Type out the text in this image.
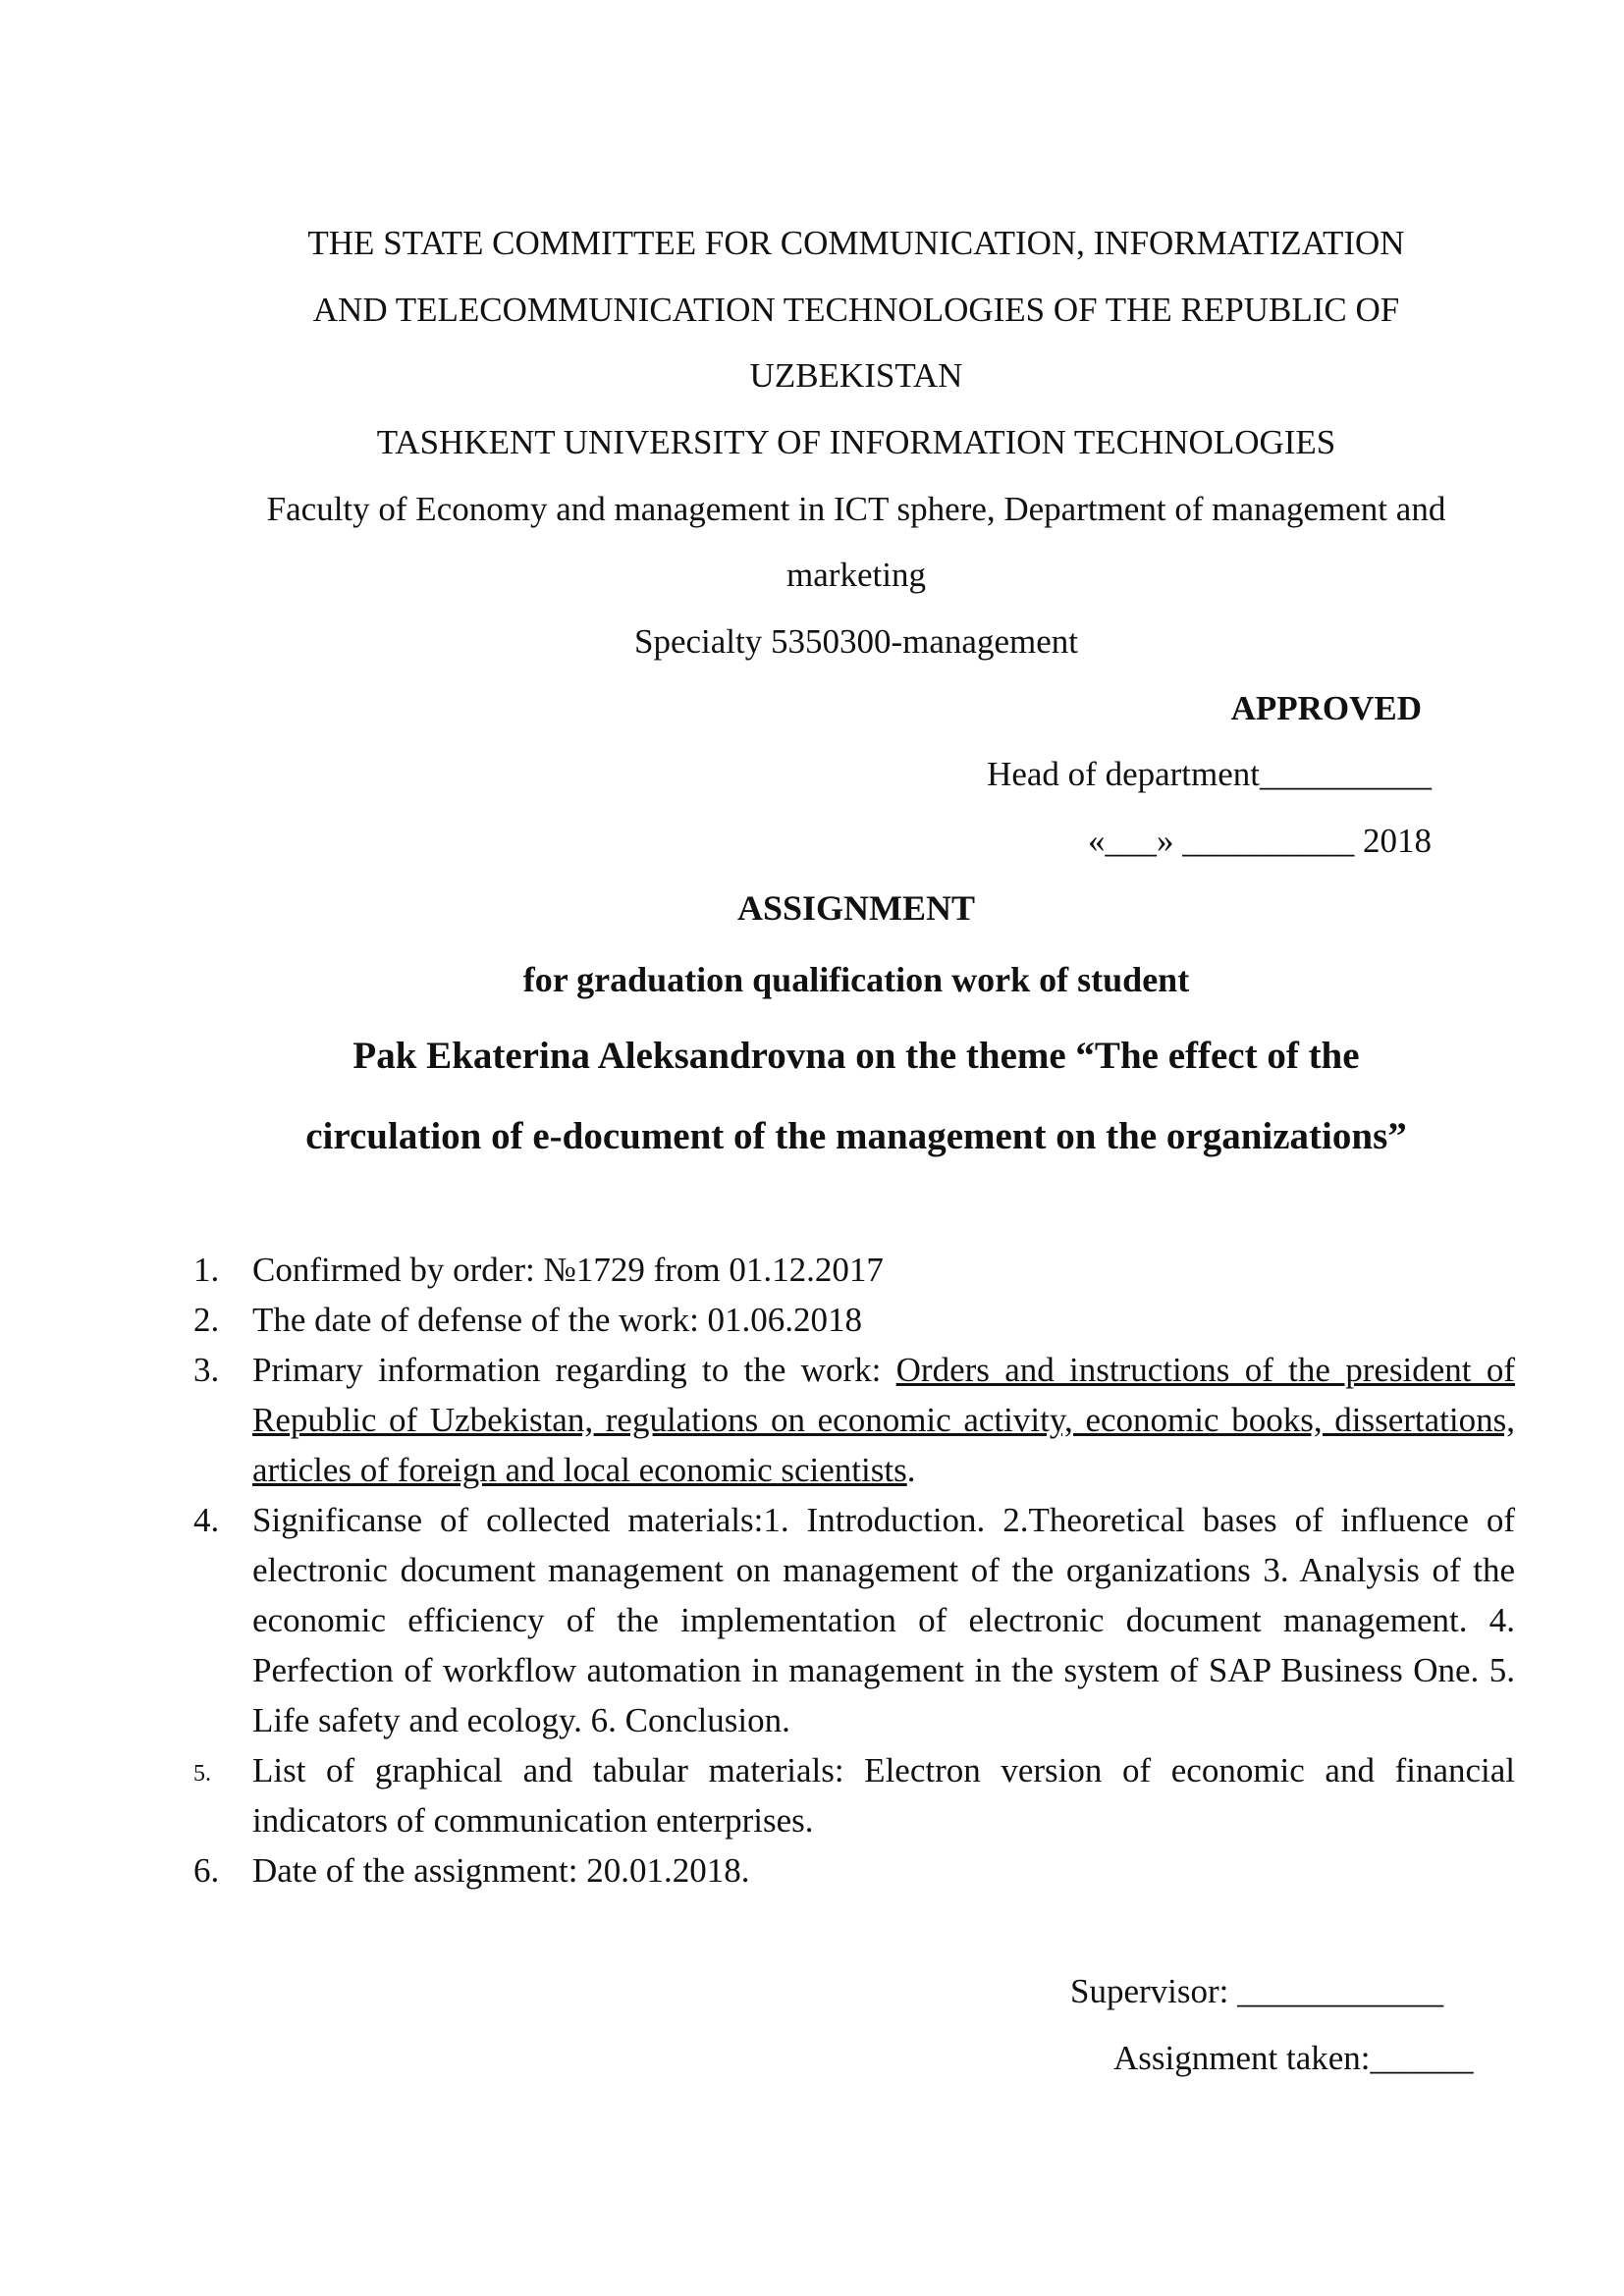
THE STATE COMMITTEE FOR COMMUNICATION, INFORMATIZATION
AND TELECOMMUNICATION TECHNOLOGIES OF THE REPUBLIC OF
UZBEKISTAN
TASHKENT UNIVERSITY OF INFORMATION TECHNOLOGIES
Faculty of Economy and management in ICT sphere, Department of management and
marketing
Specialty 5350300-management
APPROVED
Head of department__________
«___» __________ 2018
ASSIGNMENT
for graduation qualification work of student
Pak Ekaterina Aleksandrovna on the theme “The effect of the
circulation of e-document of the management on the organizations”
1. Confirmed by order: №1729 from 01.12.2017
2. The date of defense of the work: 01.06.2018
3. Primary information regarding to the work: Orders and instructions of the president of Republic of Uzbekistan, regulations on economic activity, economic books, dissertations, articles of foreign and local economic scientists.
4. Significanse of collected materials:1. Introduction. 2.Theoretical bases of influence of electronic document management on management of the organizations 3. Analysis of the economic efficiency of the implementation of electronic document management. 4. Perfection of workflow automation in management in the system of SAP Business One. 5. Life safety and ecology. 6. Conclusion.
5. List of graphical and tabular materials: Electron version of economic and financial indicators of communication enterprises.
6. Date of the assignment: 20.01.2018.
Supervisor: ____________
Assignment taken:______
